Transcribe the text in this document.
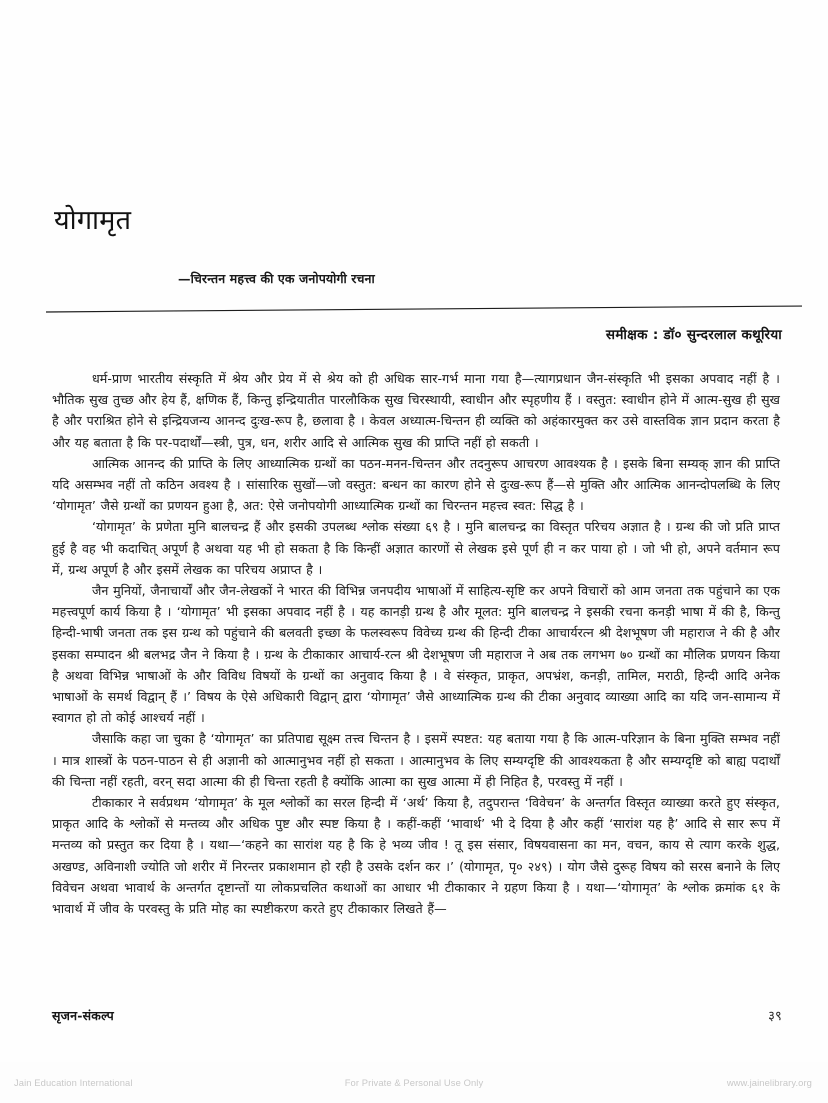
योगामृत

—चिरन्तन महत्त्व की एक जनोपयोगी रचना

समीक्षक : डॉ० सुन्दरलाल कथूरिया

धर्म-प्राण भारतीय संस्कृति में श्रेय और प्रेय में से श्रेय को ही अधिक सार-गर्भ माना गया है—त्यागप्रधान जैन-संस्कृति भी इसका अपवाद नहीं है । भौतिक सुख तुच्छ और हेय हैं, क्षणिक हैं, किन्तु इन्द्रियातीत पारलौकिक सुख चिरस्थायी, स्वाधीन और स्पृहणीय हैं । वस्तुत: स्वाधीन होने में आत्म-सुख ही सुख है और पराश्रित होने से इन्द्रियजन्य आनन्द दुःख-रूप है, छलावा है । केवल अध्यात्म-चिन्तन ही व्यक्ति को अहंकारमुक्त कर उसे वास्तविक ज्ञान प्रदान करता है और यह बताता है कि पर-पदार्थों—स्त्री, पुत्र, धन, शरीर आदि से आत्मिक सुख की प्राप्ति नहीं हो सकती ।

आत्मिक आनन्द की प्राप्ति के लिए आध्यात्मिक ग्रन्थों का पठन-मनन-चिन्तन और तदनुरूप आचरण आवश्यक है । इसके बिना सम्यक् ज्ञान की प्राप्ति यदि असम्भव नहीं तो कठिन अवश्य है । सांसारिक सुखों—जो वस्तुत: बन्धन का कारण होने से दुःख-रूप हैं—से मुक्ति और आत्मिक आनन्दोपलब्धि के लिए ‘योगामृत’ जैसे ग्रन्थों का प्रणयन हुआ है, अत: ऐसे जनोपयोगी आध्यात्मिक ग्रन्थों का चिरन्तन महत्त्व स्वत: सिद्ध है ।

‘योगामृत’ के प्रणेता मुनि बालचन्द्र हैं और इसकी उपलब्ध श्लोक संख्या ६९ है । मुनि बालचन्द्र का विस्तृत परिचय अज्ञात है । ग्रन्थ की जो प्रति प्राप्त हुई है वह भी कदाचित् अपूर्ण है अथवा यह भी हो सकता है कि किन्हीं अज्ञात कारणों से लेखक इसे पूर्ण ही न कर पाया हो । जो भी हो, अपने वर्तमान रूप में, ग्रन्थ अपूर्ण है और इसमें लेखक का परिचय अप्राप्त है ।

जैन मुनियों, जैनाचार्यों और जैन-लेखकों ने भारत की विभिन्न जनपदीय भाषाओं में साहित्य-सृष्टि कर अपने विचारों को आम जनता तक पहुंचाने का एक महत्त्वपूर्ण कार्य किया है । ‘योगामृत’ भी इसका अपवाद नहीं है । यह कानड़ी ग्रन्थ है और मूलत: मुनि बालचन्द्र ने इसकी रचना कनड़ी भाषा में की है, किन्तु हिन्दी-भाषी जनता तक इस ग्रन्थ को पहुंचाने की बलवती इच्छा के फलस्वरूप विवेच्य ग्रन्थ की हिन्दी टीका आचार्यरत्न श्री देशभूषण जी महाराज ने की है और इसका सम्पादन श्री बलभद्र जैन ने किया है । ग्रन्थ के टीकाकार आचार्य-रत्न श्री देशभूषण जी महाराज ने अब तक लगभग ७० ग्रन्थों का मौलिक प्रणयन किया है अथवा विभिन्न भाषाओं के और विविध विषयों के ग्रन्थों का अनुवाद किया है । वे संस्कृत, प्राकृत, अपभ्रंश, कनड़ी, तामिल, मराठी, हिन्दी आदि अनेक भाषाओं के समर्थ विद्वान् हैं ।’ विषय के ऐसे अधिकारी विद्वान् द्वारा ‘योगामृत’ जैसे आध्यात्मिक ग्रन्थ की टीका अनुवाद व्याख्या आदि का यदि जन-सामान्य में स्वागत हो तो कोई आश्चर्य नहीं ।

जैसाकि कहा जा चुका है ‘योगामृत’ का प्रतिपाद्य सूक्ष्म तत्त्व चिन्तन है । इसमें स्पष्टत: यह बताया गया है कि आत्म-परिज्ञान के बिना मुक्ति सम्भव नहीं । मात्र शास्त्रों के पठन-पाठन से ही अज्ञानी को आत्मानुभव नहीं हो सकता । आत्मानुभव के लिए सम्यग्दृष्टि की आवश्यकता है और सम्यग्दृष्टि को बाह्य पदार्थों की चिन्ता नहीं रहती, वरन् सदा आत्मा की ही चिन्ता रहती है क्योंकि आत्मा का सुख आत्मा में ही निहित है, परवस्तु में नहीं ।

टीकाकार ने सर्वप्रथम ‘योगामृत’ के मूल श्लोकों का सरल हिन्दी में ‘अर्थ’ किया है, तदुपरान्त ‘विवेचन’ के अन्तर्गत विस्तृत व्याख्या करते हुए संस्कृत, प्राकृत आदि के श्लोकों से मन्तव्य और अधिक पुष्ट और स्पष्ट किया है । कहीं-कहीं ‘भावार्थ’ भी दे दिया है और कहीं ‘सारांश यह है’ आदि से सार रूप में मन्तव्य को प्रस्तुत कर दिया है । यथा—‘कहने का सारांश यह है कि हे भव्य जीव ! तू इस संसार, विषयवासना का मन, वचन, काय से त्याग करके शुद्ध, अखण्ड, अविनाशी ज्योति जो शरीर में निरन्तर प्रकाशमान हो रही है उसके दर्शन कर ।’ (योगामृत, पृ० २४९) । योग जैसे दुरूह विषय को सरस बनाने के लिए विवेचन अथवा भावार्थ के अन्तर्गत दृष्टान्तों या लोकप्रचलित कथाओं का आधार भी टीकाकार ने ग्रहण किया है । यथा—‘योगामृत’ के श्लोक क्रमांक ६१ के भावार्थ में जीव के परवस्तु के प्रति मोह का स्पष्टीकरण करते हुए टीकाकार लिखते हैं—

सृजन-संकल्प	३९
Jain Education International	For Private & Personal Use Only	www.jainelibrary.org
